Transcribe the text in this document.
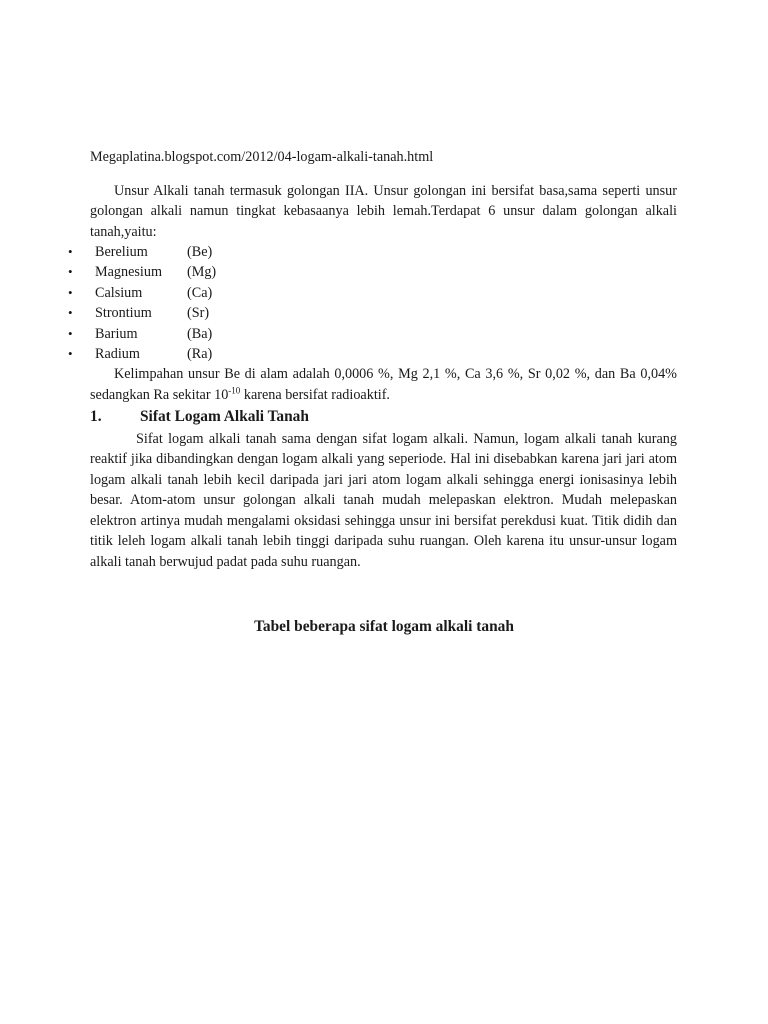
Megaplatina.blogspot.com/2012/04-logam-alkali-tanah.html

Unsur Alkali tanah termasuk golongan IIA. Unsur golongan ini bersifat basa,sama seperti unsur golongan alkali namun tingkat kebasaanya lebih lemah.Terdapat 6 unsur dalam golongan alkali tanah,yaitu:

•	Berelium	(Be)
•	Magnesium	(Mg)
•	Calsium	(Ca)
•	Strontium	(Sr)
•	Barium	(Ba)
•	Radium	(Ra)

Kelimpahan unsur Be di alam adalah 0,0006 %, Mg 2,1 %, Ca 3,6 %, Sr 0,02 %, dan Ba 0,04% sedangkan Ra sekitar $10^{-10}$ karena bersifat radioaktif.

1.	Sifat Logam Alkali Tanah

Sifat logam alkali tanah sama dengan sifat logam alkali. Namun, logam alkali tanah kurang reaktif jika dibandingkan dengan logam alkali yang seperiode. Hal ini disebabkan karena jari jari atom logam alkali tanah lebih kecil daripada jari jari atom logam alkali sehingga energi ionisasinya lebih besar. Atom-atom unsur golongan alkali tanah mudah melepaskan elektron. Mudah melepaskan elektron artinya mudah mengalami oksidasi sehingga unsur ini bersifat perekdusi kuat. Titik didih dan titik leleh logam alkali tanah lebih tinggi daripada suhu ruangan. Oleh karena itu unsur-unsur logam alkali tanah berwujud padat pada suhu ruangan.

Tabel beberapa sifat logam alkali tanah
